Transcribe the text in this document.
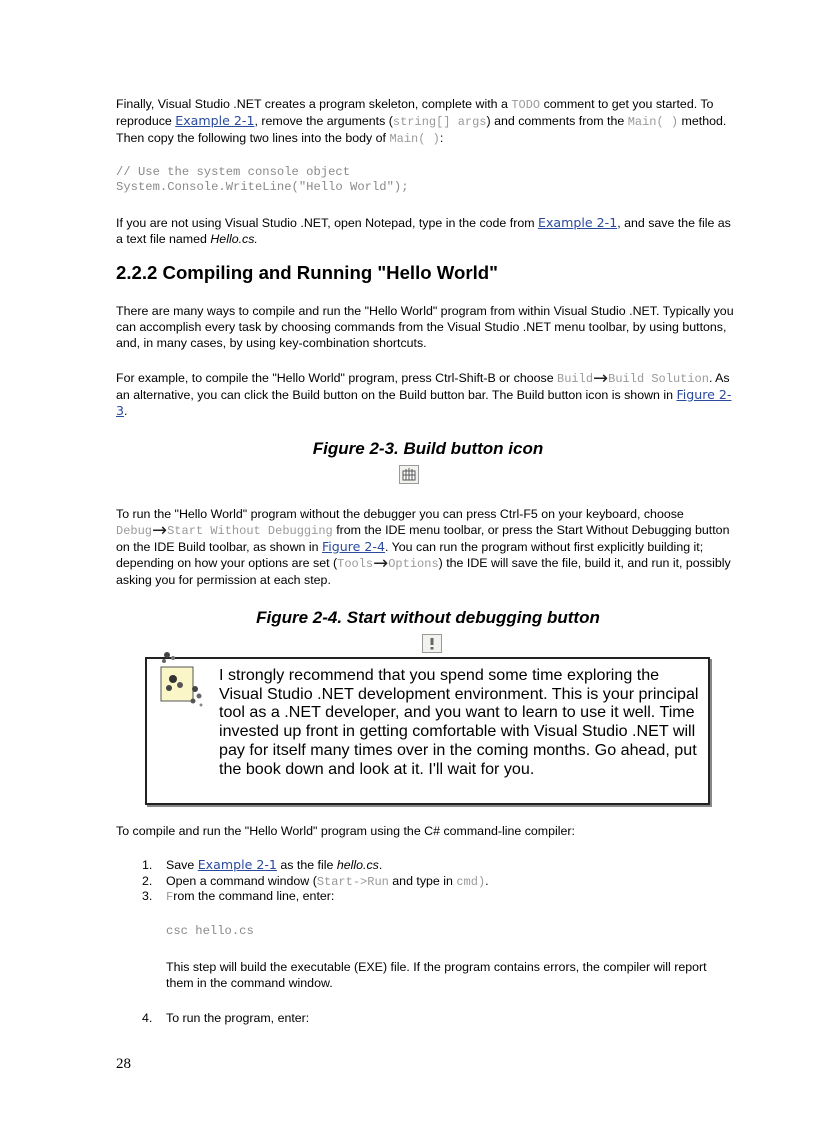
Finally, Visual Studio .NET creates a program skeleton, complete with a TODO comment to get you started. To reproduce Example 2-1, remove the arguments (string[] args) and comments from the Main( ) method. Then copy the following two lines into the body of Main( ):

// Use the system console object
System.Console.WriteLine("Hello World");

If you are not using Visual Studio .NET, open Notepad, type in the code from Example 2-1, and save the file as a text file named Hello.cs.

2.2.2 Compiling and Running "Hello World"

There are many ways to compile and run the "Hello World" program from within Visual Studio .NET. Typically you can accomplish every task by choosing commands from the Visual Studio .NET menu toolbar, by using buttons, and, in many cases, by using key-combination shortcuts.

For example, to compile the "Hello World" program, press Ctrl-Shift-B or choose Build→Build Solution. As an alternative, you can click the Build button on the Build button bar. The Build button icon is shown in Figure 2-3.

Figure 2-3. Build button icon

To run the "Hello World" program without the debugger you can press Ctrl-F5 on your keyboard, choose Debug→Start Without Debugging from the IDE menu toolbar, or press the Start Without Debugging button on the IDE Build toolbar, as shown in Figure 2-4. You can run the program without first explicitly building it; depending on how your options are set (Tools→Options) the IDE will save the file, build it, and run it, possibly asking you for permission at each step.

Figure 2-4. Start without debugging button

I strongly recommend that you spend some time exploring the Visual Studio .NET development environment. This is your principal tool as a .NET developer, and you want to learn to use it well. Time invested up front in getting comfortable with Visual Studio .NET will pay for itself many times over in the coming months. Go ahead, put the book down and look at it. I'll wait for you.

To compile and run the "Hello World" program using the C# command-line compiler:

1. Save Example 2-1 as the file hello.cs.
2. Open a command window (Start->Run and type in cmd).
3. From the command line, enter:
csc hello.cs
This step will build the executable (EXE) file. If the program contains errors, the compiler will report them in the command window.
4. To run the program, enter:
28
